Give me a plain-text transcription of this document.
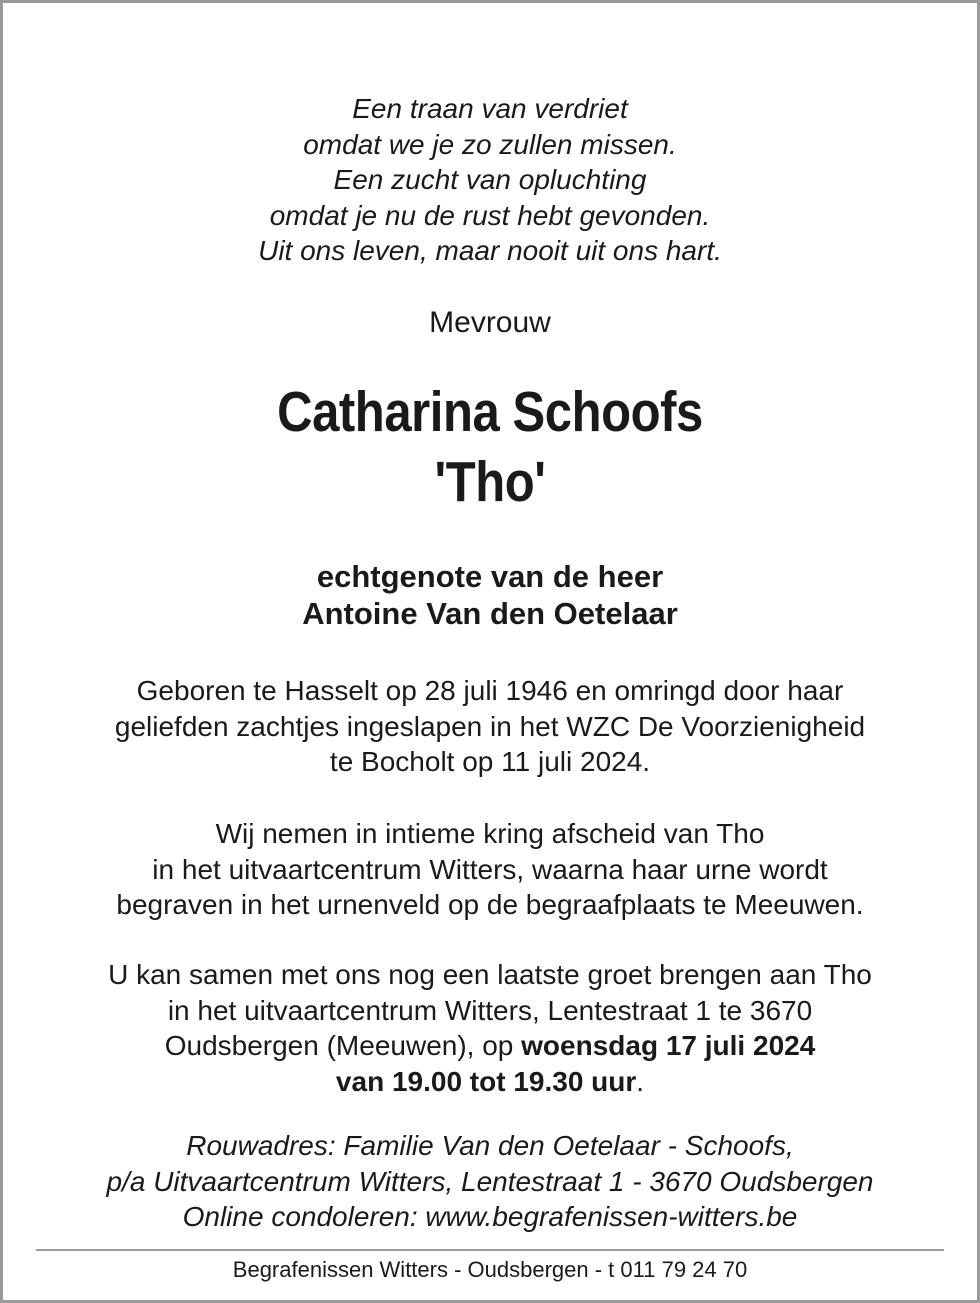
Een traan van verdriet
omdat we je zo zullen missen.
Een zucht van opluchting
omdat je nu de rust hebt gevonden.
Uit ons leven, maar nooit uit ons hart.
Mevrouw
Catharina Schoofs
'Tho'
echtgenote van de heer
Antoine Van den Oetelaar
Geboren te Hasselt op 28 juli 1946 en omringd door haar
geliefden zachtjes ingeslapen in het WZC De Voorzienigheid
te Bocholt op 11 juli 2024.
Wij nemen in intieme kring afscheid van Tho
in het uitvaartcentrum Witters, waarna haar urne wordt
begraven in het urnenveld op de begraafplaats te Meeuwen.
U kan samen met ons nog een laatste groet brengen aan Tho
in het uitvaartcentrum Witters, Lentestraat 1 te 3670
Oudsbergen (Meeuwen), op woensdag 17 juli 2024
van 19.00 tot 19.30 uur.
Rouwadres: Familie Van den Oetelaar - Schoofs,
p/a Uitvaartcentrum Witters, Lentestraat 1 - 3670 Oudsbergen
Online condoleren: www.begrafenissen-witters.be
Begrafenissen Witters - Oudsbergen - t 011 79 24 70
